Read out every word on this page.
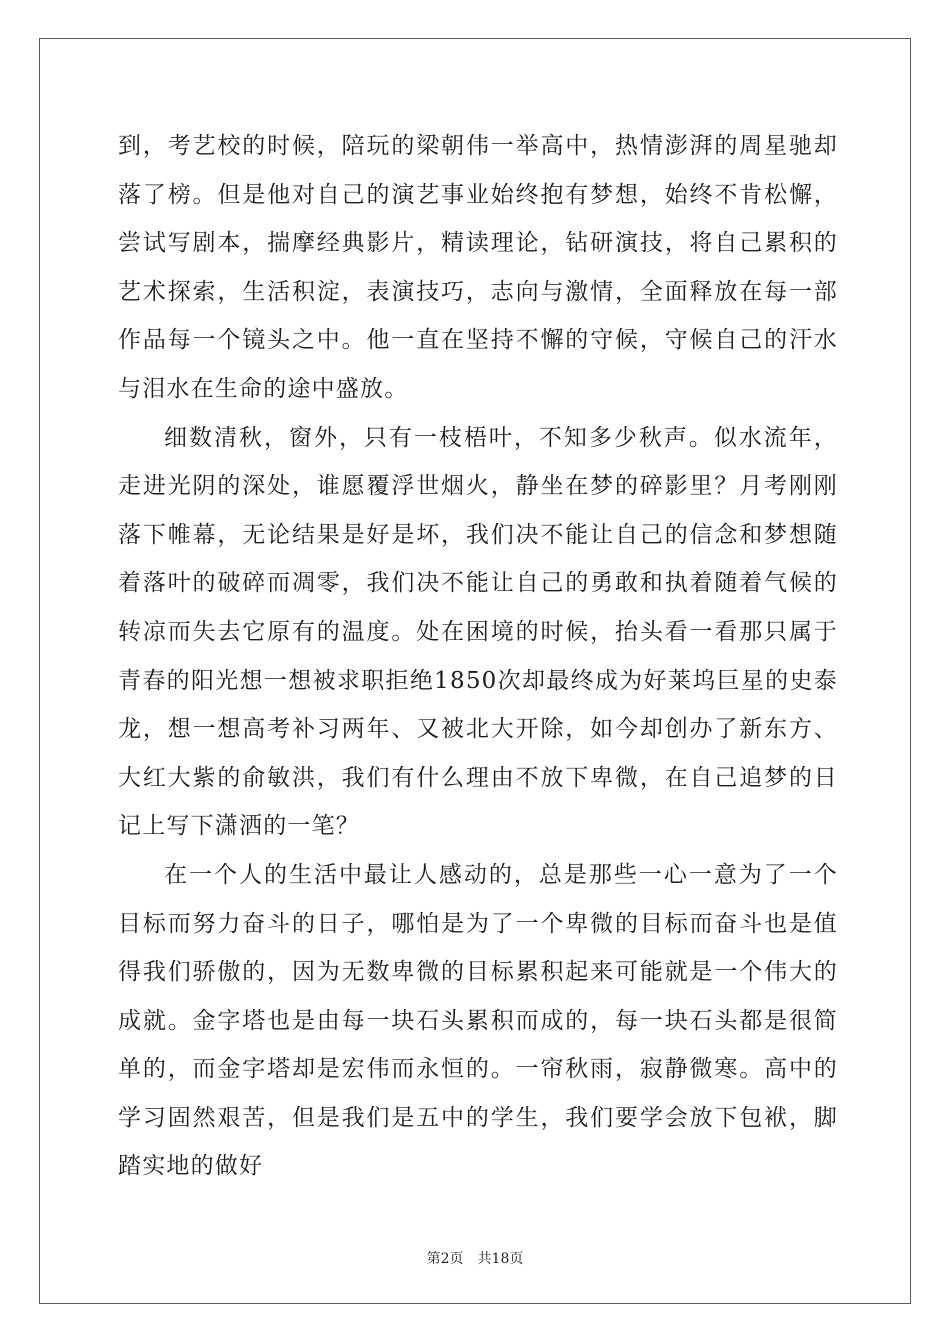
到，考艺校的时候，陪玩的梁朝伟一举高中，热情澎湃的周星驰却落了榜。但是他对自己的演艺事业始终抱有梦想，始终不肯松懈，尝试写剧本，揣摩经典影片，精读理论，钻研演技，将自己累积的艺术探索，生活积淀，表演技巧，志向与激情，全面释放在每一部作品每一个镜头之中。他一直在坚持不懈的守候，守候自己的汗水与泪水在生命的途中盛放。

细数清秋，窗外，只有一枝梧叶，不知多少秋声。似水流年，走进光阴的深处，谁愿覆浮世烟火，静坐在梦的碎影里？月考刚刚落下帷幕，无论结果是好是坏，我们决不能让自己的信念和梦想随着落叶的破碎而凋零，我们决不能让自己的勇敢和执着随着气候的转凉而失去它原有的温度。处在困境的时候，抬头看一看那只属于青春的阳光想一想被求职拒绝1850次却最终成为好莱坞巨星的史泰龙，想一想高考补习两年、又被北大开除，如今却创办了新东方、大红大紫的俞敏洪，我们有什么理由不放下卑微，在自己追梦的日记上写下潇洒的一笔？

在一个人的生活中最让人感动的，总是那些一心一意为了一个目标而努力奋斗的日子，哪怕是为了一个卑微的目标而奋斗也是值得我们骄傲的，因为无数卑微的目标累积起来可能就是一个伟大的成就。金字塔也是由每一块石头累积而成的，每一块石头都是很简单的，而金字塔却是宏伟而永恒的。一帘秋雨，寂静微寒。高中的学习固然艰苦，但是我们是五中的学生，我们要学会放下包袱，脚踏实地的做好

第2页 共18页
